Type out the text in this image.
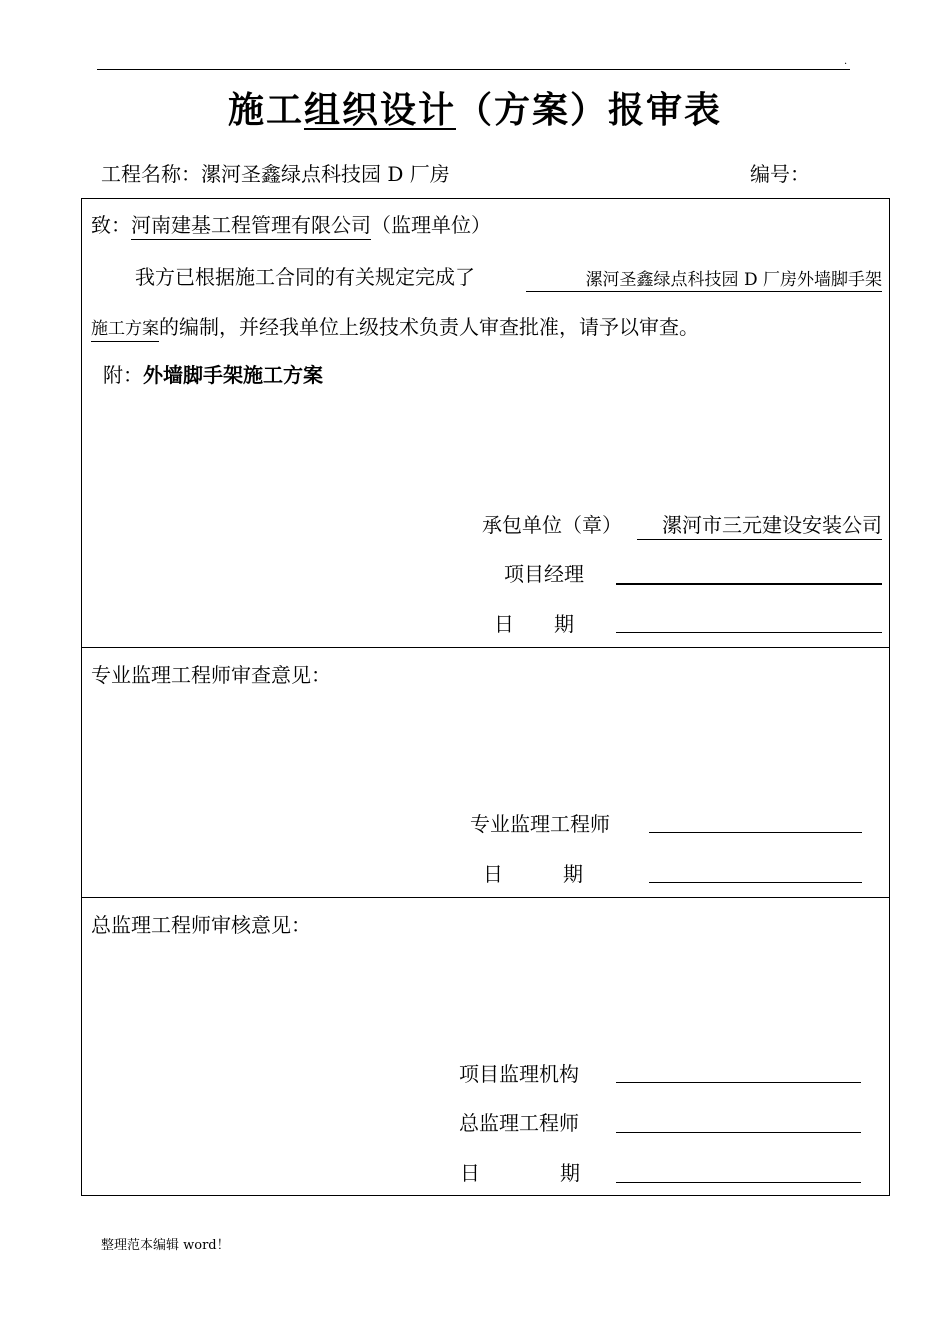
.
施工组织设计（方案）报审表
工程名称：漯河圣鑫绿点科技园 D 厂房	编号：
致：河南建基工程管理有限公司（监理单位）
我方已根据施工合同的有关规定完成了	漯河圣鑫绿点科技园 D 厂房外墙脚手架
施工方案的编制，并经我单位上级技术负责人审查批准，请予以审查。
附：外墙脚手架施工方案
承包单位（章）	漯河市三元建设安装公司
项目经理
日　　期
专业监理工程师审查意见：
专业监理工程师
日　　　期
总监理工程师审核意见：
项目监理机构
总监理工程师
日　　　　期
整理范本编辑 word！
